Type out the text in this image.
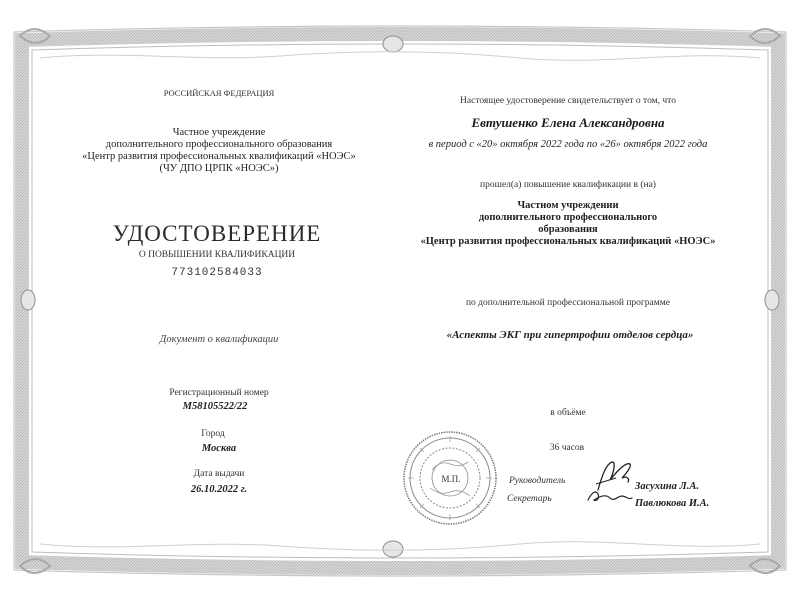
РОССИЙСКАЯ ФЕДЕРАЦИЯ
Частное учреждение
дополнительного профессионального образования
«Центр развития профессиональных квалификаций «НОЭС»
(ЧУ ДПО ЦРПК «НОЭС»)
УДОСТОВЕРЕНИЕ
О ПОВЫШЕНИИ КВАЛИФИКАЦИИ
773102584033
Документ о квалификации
Регистрационный номер
М58105522/22
Город
Москва
Дата выдачи
26.10.2022 г.
Настоящее удостоверение свидетельствует о том, что
Евтушенко Елена Александровна
в период с «20» октября 2022 года по «26» октября 2022 года
прошел(а) повышение квалификации в (на)
Частном учреждении
дополнительного профессионального
образования
«Центр развития профессиональных квалификаций «НОЭС»
по дополнительной профессиональной программе
«Аспекты ЭКГ при гипертрофии отделов сердца»
в объёме
36 часов
М.П.	Руководитель
Секретарь
Засухина Л.А.
Павлюкова И.А.
